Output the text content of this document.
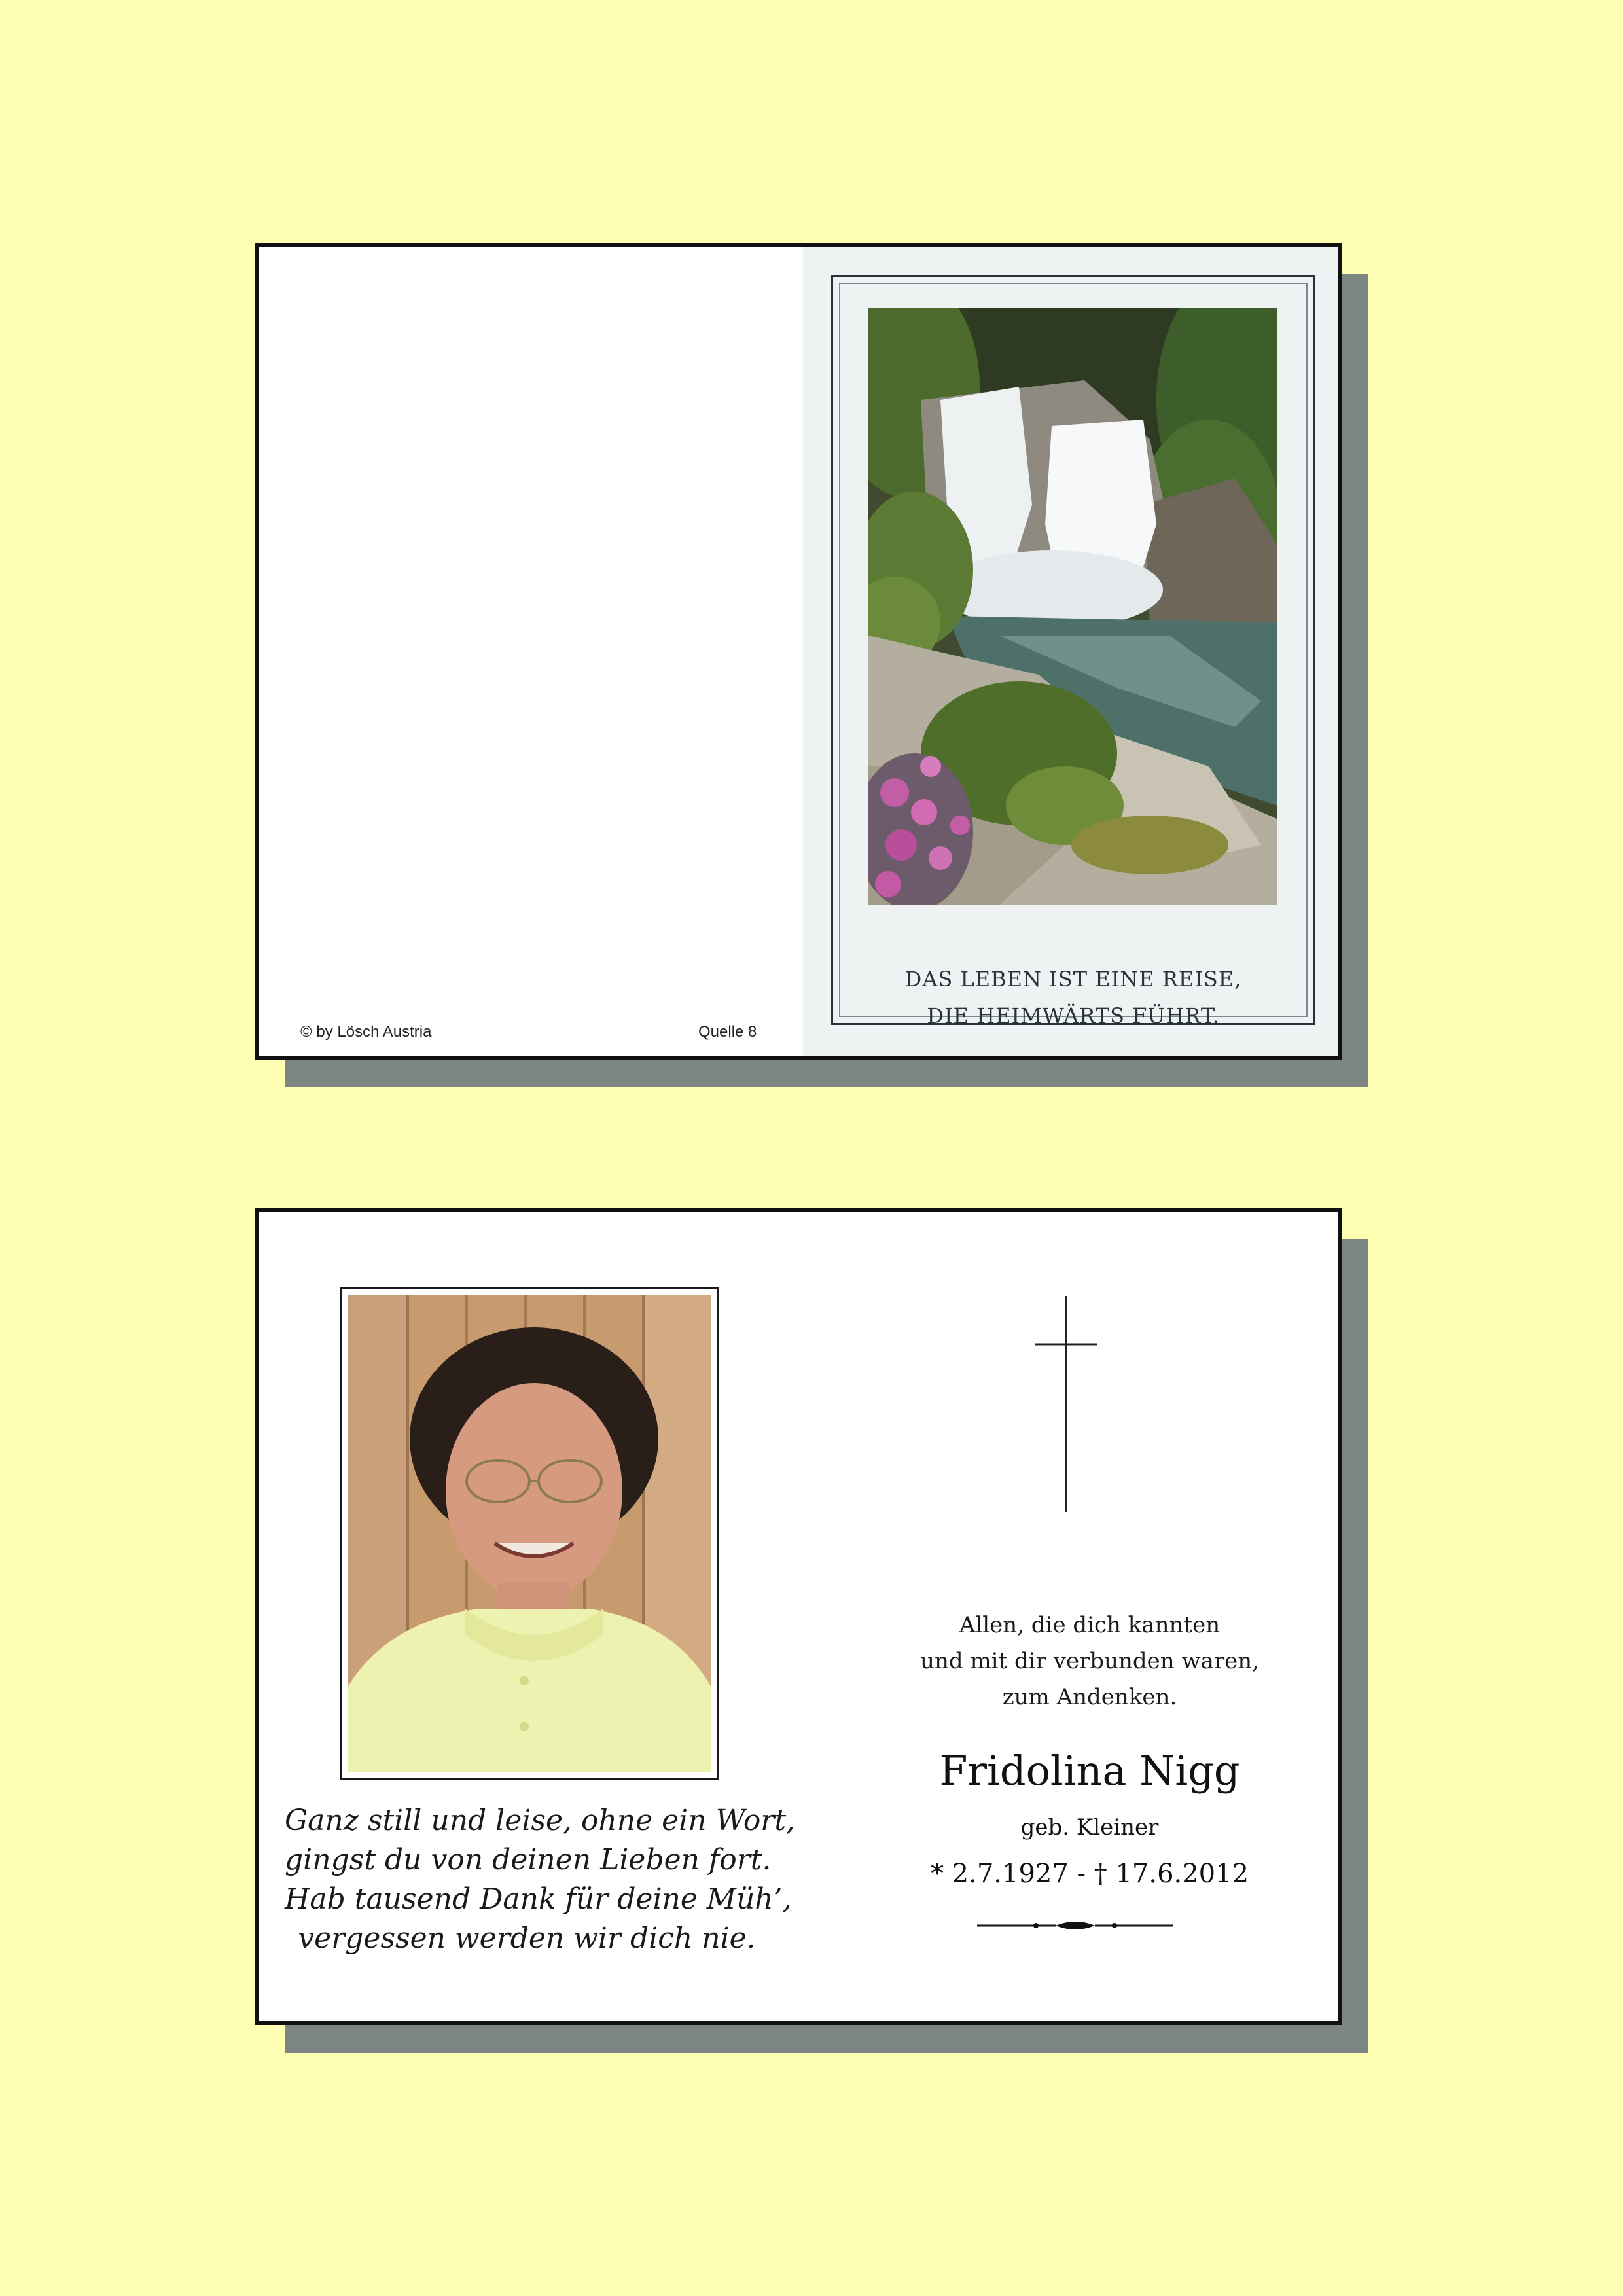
DAS LEBEN IST EINE REISE,
DIE HEIMWÄRTS FÜHRT.
© by Lösch Austria	Quelle 8
Ganz still und leise, ohne ein Wort,
gingst du von deinen Lieben fort.
Hab tausend Dank für deine Müh’,
vergessen werden wir dich nie.
Allen, die dich kannten
und mit dir verbunden waren,
zum Andenken.
Fridolina Nigg
geb. Kleiner
* 2.7.1927 - † 17.6.2012
